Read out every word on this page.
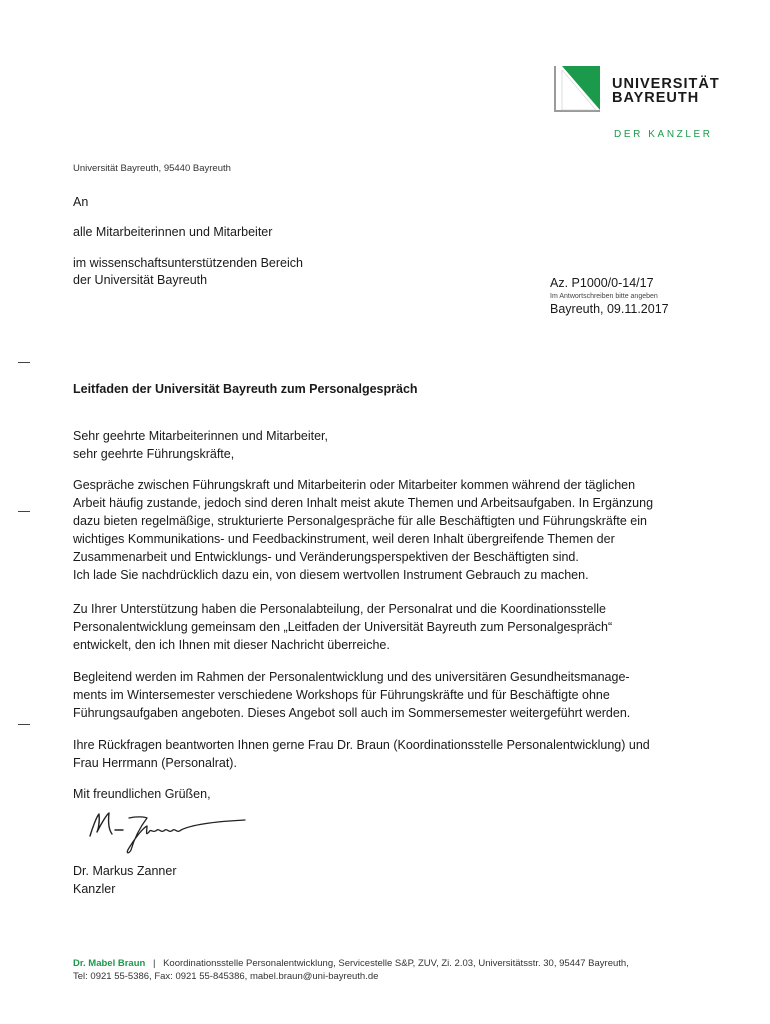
UNIVERSITÄT
BAYREUTH
DER KANZLER
Universität Bayreuth, 95440 Bayreuth
An
alle Mitarbeiterinnen und Mitarbeiter
im wissenschaftsunterstützenden Bereich
der Universität Bayreuth	Az. P1000/0-14/17
Im Antwortschreiben bitte angeben
Bayreuth, 09.11.2017
Leitfaden der Universität Bayreuth zum Personalgespräch
Sehr geehrte Mitarbeiterinnen und Mitarbeiter,
sehr geehrte Führungskräfte,
Gespräche zwischen Führungskraft und Mitarbeiterin oder Mitarbeiter kommen während der täglichen
Arbeit häufig zustande, jedoch sind deren Inhalt meist akute Themen und Arbeitsaufgaben. In Ergänzung
dazu bieten regelmäßige, strukturierte Personalgespräche für alle Beschäftigten und Führungskräfte ein
wichtiges Kommunikations- und Feedbackinstrument, weil deren Inhalt übergreifende Themen der
Zusammenarbeit und Entwicklungs- und Veränderungsperspektiven der Beschäftigten sind.
Ich lade Sie nachdrücklich dazu ein, von diesem wertvollen Instrument Gebrauch zu machen.
Zu Ihrer Unterstützung haben die Personalabteilung, der Personalrat und die Koordinationsstelle
Personalentwicklung gemeinsam den „Leitfaden der Universität Bayreuth zum Personalgespräch“
entwickelt, den ich Ihnen mit dieser Nachricht überreiche.
Begleitend werden im Rahmen der Personalentwicklung und des universitären Gesundheitsmanage-
ments im Wintersemester verschiedene Workshops für Führungskräfte und für Beschäftigte ohne
Führungsaufgaben angeboten. Dieses Angebot soll auch im Sommersemester weitergeführt werden.
Ihre Rückfragen beantworten Ihnen gerne Frau Dr. Braun (Koordinationsstelle Personalentwicklung) und
Frau Herrmann (Personalrat).
Mit freundlichen Grüßen,
Dr. Markus Zanner
Kanzler
Dr. Mabel Braun | Koordinationsstelle Personalentwicklung, Servicestelle S&P, ZUV, Zi. 2.03, Universitätsstr. 30, 95447 Bayreuth,
Tel: 0921 55-5386, Fax: 0921 55-845386, mabel.braun@uni-bayreuth.de
